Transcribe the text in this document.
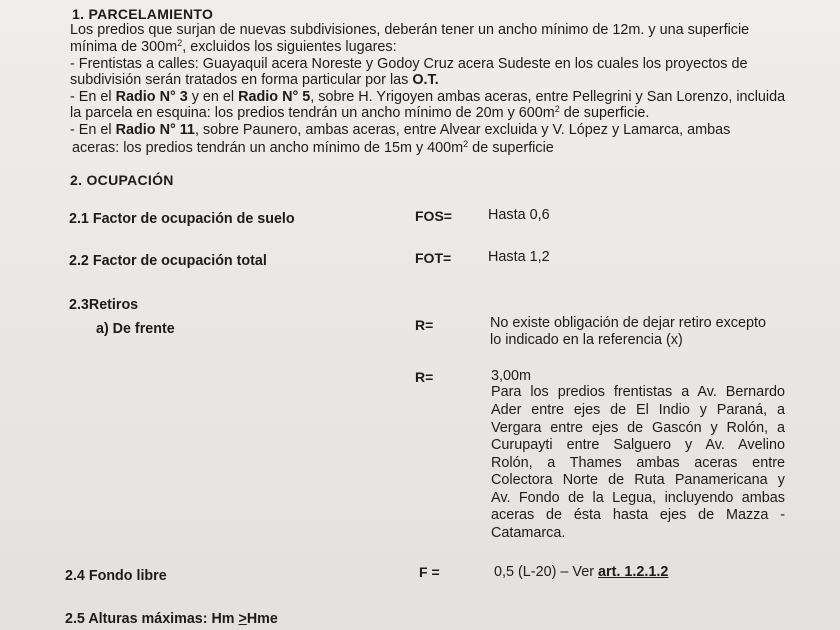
1. PARCELAMIENTO
Los predios que surjan de nuevas subdivisiones, deberán tener un ancho mínimo de 12m. y una superficie
mínima de $300m^2$, excluidos los siguientes lugares:
- Frentistas a calles: Guayaquil acera Noreste y Godoy Cruz acera Sudeste en los cuales los proyectos de
subdivisión serán tratados en forma particular por las O.T.
- En el Radio N° 3 y en el Radio N° 5, sobre H. Yrigoyen ambas aceras, entre Pellegrini y San Lorenzo, incluida
la parcela en esquina: los predios tendrán un ancho mínimo de 20m y $600m^2$ de superficie.
- En el Radio N° 11, sobre Paunero, ambas aceras, entre Alvear excluida y V. López y Lamarca, ambas
aceras: los predios tendrán un ancho mínimo de 15m y $400m^2$ de superficie
2. OCUPACIÓN
2.1 Factor de ocupación de suelo	FOS=	Hasta 0,6
2.2 Factor de ocupación total	FOT=	Hasta 1,2
2.3Retiros
a) De frente	R=	No existe obligación de dejar retiro excepto
lo indicado en la referencia (x)
R=	3,00m
Para los predios frentistas a Av. Bernardo
Ader entre ejes de El Indio y Paraná, a
Vergara entre ejes de Gascón y Rolón, a
Curupayti entre Salguero y Av. Avelino
Rolón, a Thames ambas aceras entre
Colectora Norte de Ruta Panamericana y
Av. Fondo de la Legua, incluyendo ambas
aceras de ésta hasta ejes de Mazza -
Catamarca.
2.4 Fondo libre	F =	0,5 (L-20) – Ver art. 1.2.1.2
2.5 Alturas máximas: Hm >Hme
